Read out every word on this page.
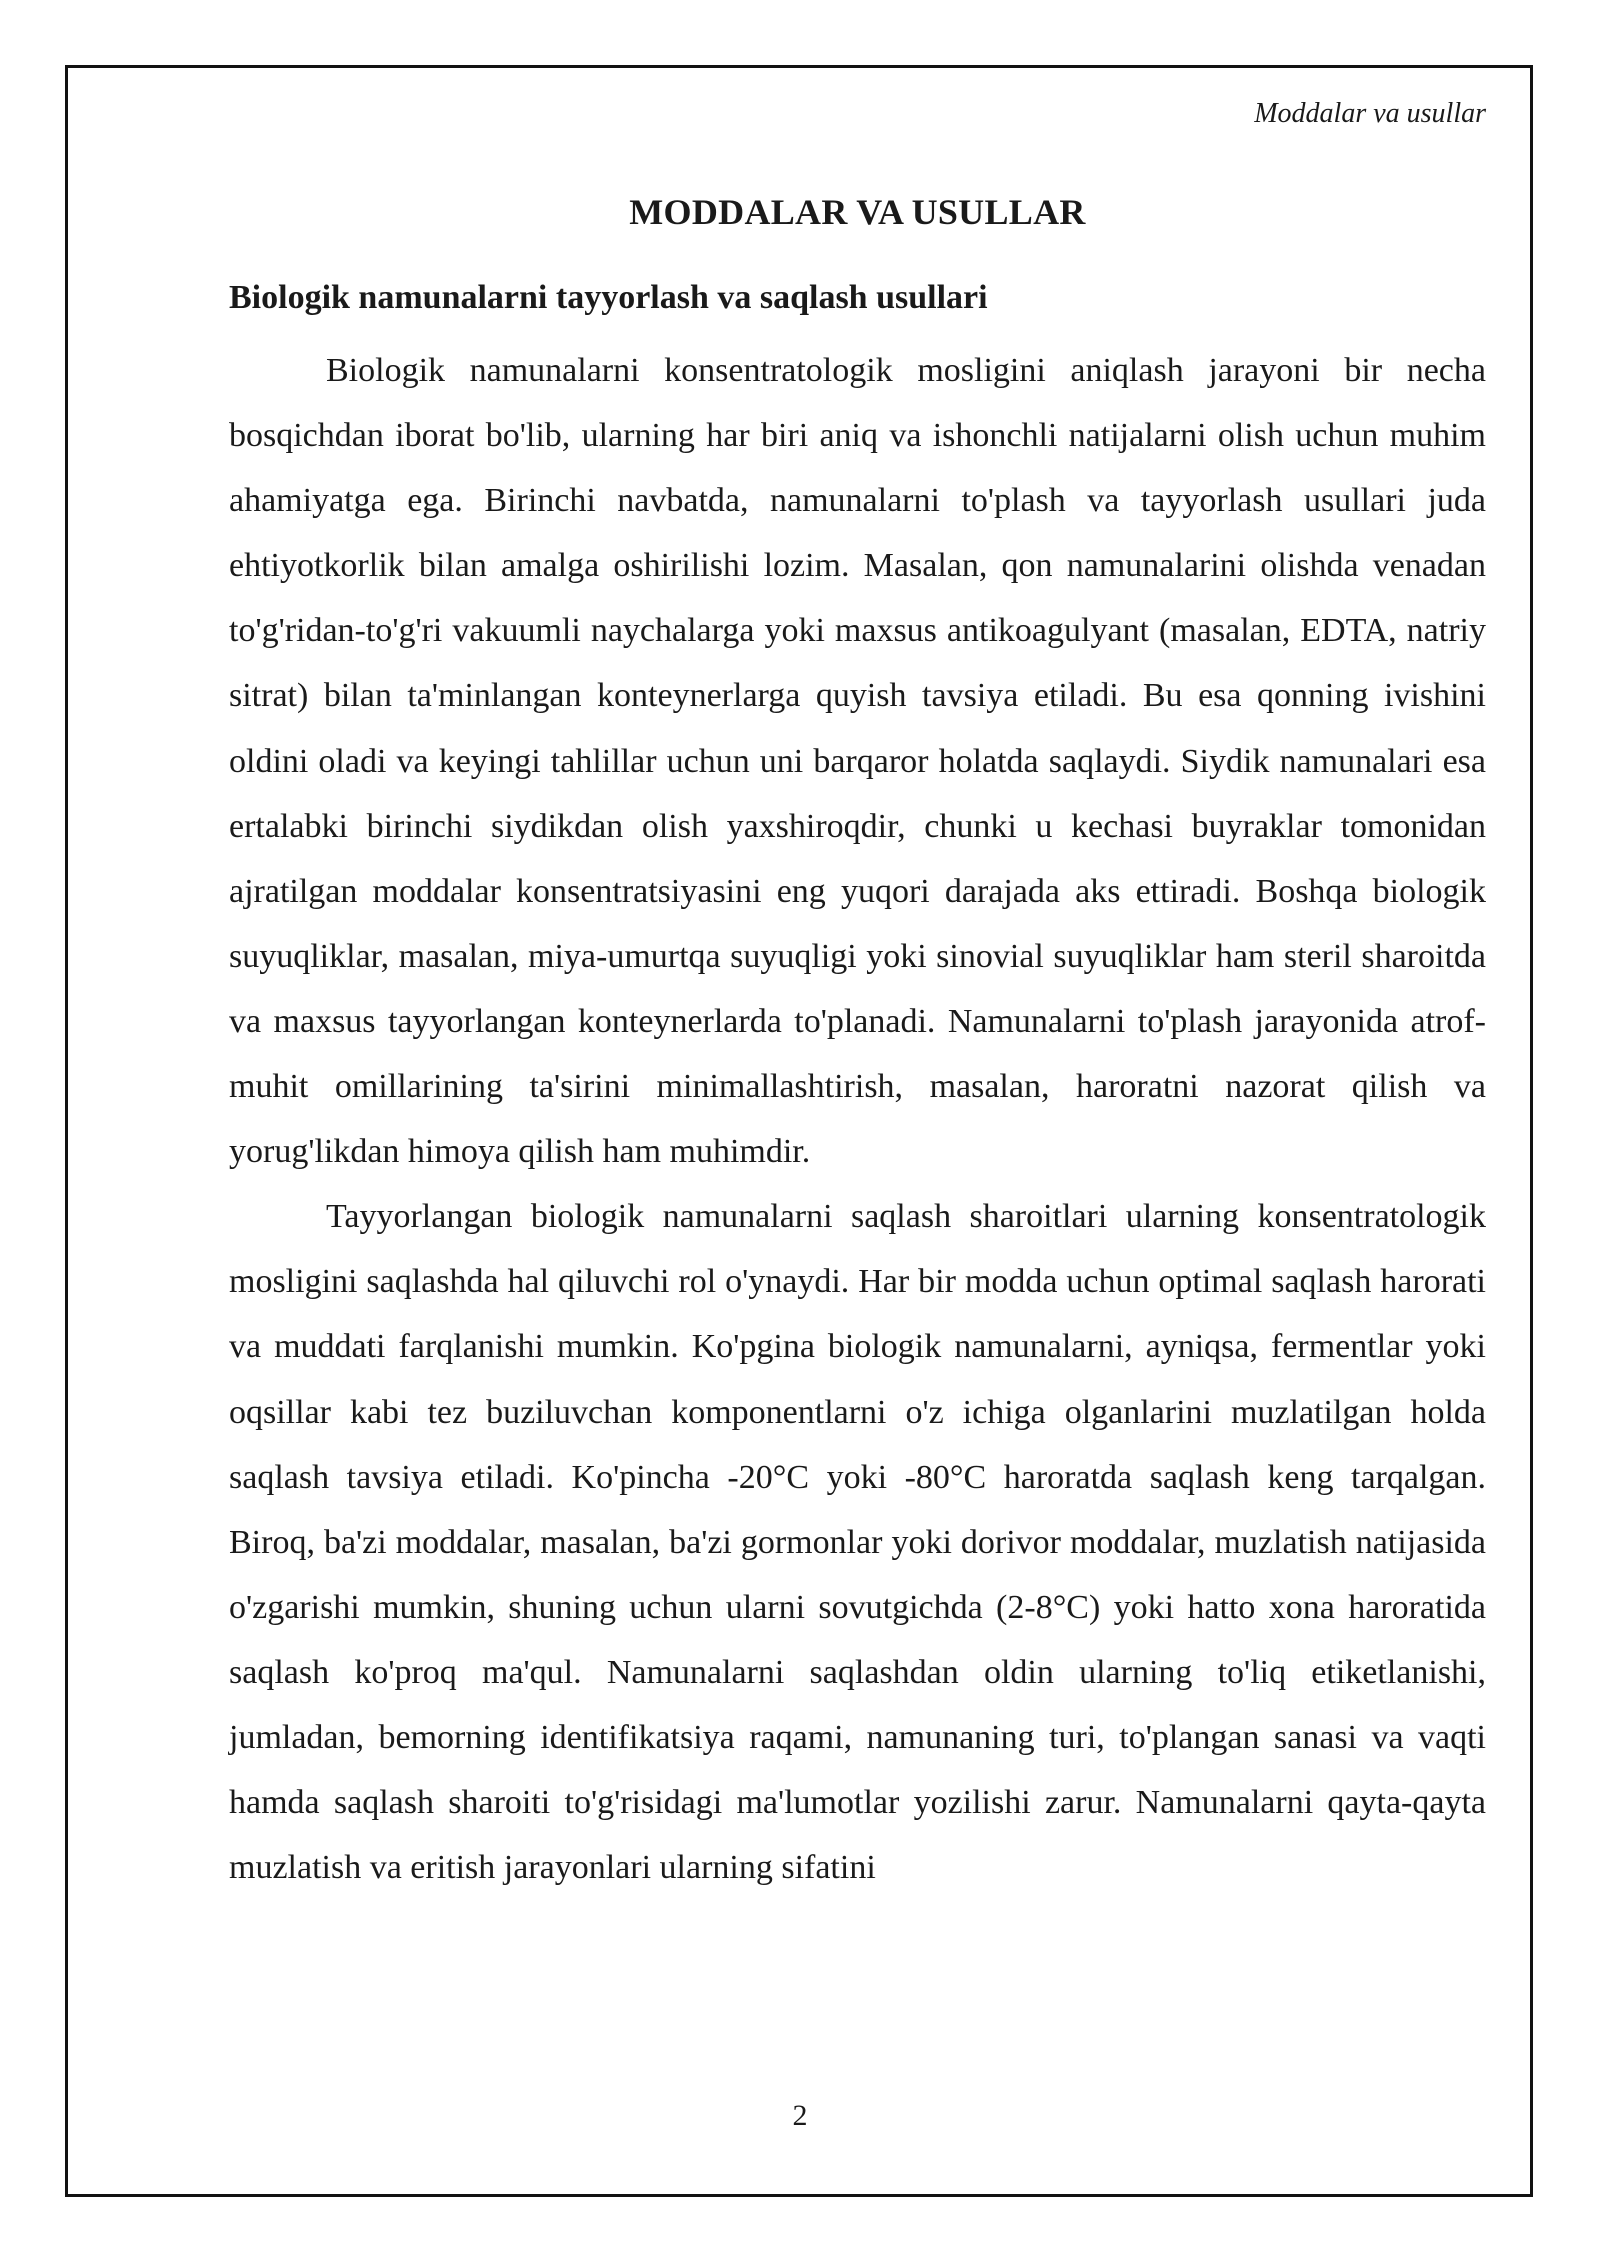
Moddalar va usullar
MODDALAR VA USULLAR
Biologik namunalarni tayyorlash va saqlash usullari

Biologik namunalarni konsentratologik mosligini aniqlash jarayoni bir necha bosqichdan iborat bo'lib, ularning har biri aniq va ishonchli natijalarni olish uchun muhim ahamiyatga ega. Birinchi navbatda, namunalarni to'plash va tayyorlash usullari juda ehtiyotkorlik bilan amalga oshirilishi lozim. Masalan, qon namunalarini olishda venadan to'g'ridan-to'g'ri vakuumli naychalarga yoki maxsus antikoagulyant (masalan, EDTA, natriy sitrat) bilan ta'minlangan konteynerlarga quyish tavsiya etiladi. Bu esa qonning ivishini oldini oladi va keyingi tahlillar uchun uni barqaror holatda saqlaydi. Siydik namunalari esa ertalabki birinchi siydikdan olish yaxshiroqdir, chunki u kechasi buyraklar tomonidan ajratilgan moddalar konsentratsiyasini eng yuqori darajada aks ettiradi. Boshqa biologik suyuqliklar, masalan, miya-umurtqa suyuqligi yoki sinovial suyuqliklar ham steril sharoitda va maxsus tayyorlangan konteynerlarda to'planadi. Namunalarni to'plash jarayonida atrof-muhit omillarining ta'sirini minimallashtirish, masalan, haroratni nazorat qilish va yorug'likdan himoya qilish ham muhimdir.

Tayyorlangan biologik namunalarni saqlash sharoitlari ularning konsentratologik mosligini saqlashda hal qiluvchi rol o'ynaydi. Har bir modda uchun optimal saqlash harorati va muddati farqlanishi mumkin. Ko'pgina biologik namunalarni, ayniqsa, fermentlar yoki oqsillar kabi tez buziluvchan komponentlarni o'z ichiga olganlarini muzlatilgan holda saqlash tavsiya etiladi. Ko'pincha -20°C yoki -80°C haroratda saqlash keng tarqalgan. Biroq, ba'zi moddalar, masalan, ba'zi gormonlar yoki dorivor moddalar, muzlatish natijasida o'zgarishi mumkin, shuning uchun ularni sovutgichda (2-8°C) yoki hatto xona haroratida saqlash ko'proq ma'qul. Namunalarni saqlashdan oldin ularning to'liq etiketlanishi, jumladan, bemorning identifikatsiya raqami, namunaning turi, to'plangan sanasi va vaqti hamda saqlash sharoiti to'g'risidagi ma'lumotlar yozilishi zarur. Namunalarni qayta-qayta muzlatish va eritish jarayonlari ularning sifatini

2
